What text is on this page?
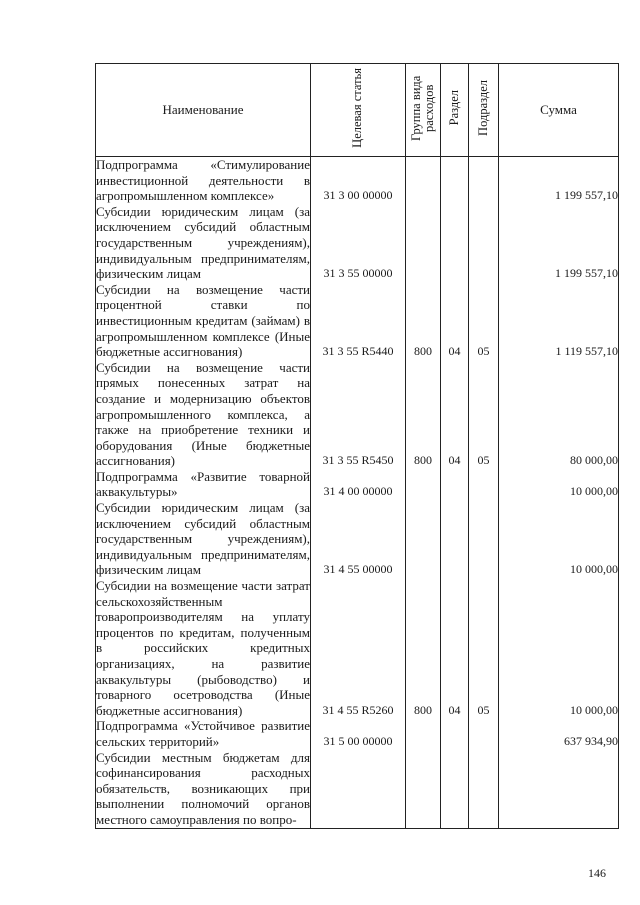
Наименование	Целевая статья	Группа вида расходов	Раздел	Подраздел	Сумма
Подпрограмма «Стимулирование инвестиционной деятельности в агропромышленном комплексе»	31 3 00 00000				1 199 557,10
Субсидии юридическим лицам (за исключением субсидий областным государственным учреждениям), индивидуальным предпринимателям, физическим лицам	31 3 55 00000				1 199 557,10
Субсидии на возмещение части процентной ставки по инвестиционным кредитам (займам) в агропромышленном комплексе (Иные бюджетные ассигнования)	31 3 55 R5440	800	04	05	1 119 557,10
Субсидии на возмещение части прямых понесенных затрат на создание и модернизацию объектов агропромышленного комплекса, а также на приобретение техники и оборудования (Иные бюджетные ассигнования)	31 3 55 R5450	800	04	05	80 000,00
Подпрограмма «Развитие товарной аквакультуры»	31 4 00 00000				10 000,00
Субсидии юридическим лицам (за исключением субсидий областным государственным учреждениям), индивидуальным предпринимателям, физическим лицам	31 4 55 00000				10 000,00
Субсидии на возмещение части затрат сельскохозяйственным товаропроизводителям на уплату процентов по кредитам, полученным в российских кредитных организациях, на развитие аквакультуры (рыбоводство) и товарного осетроводства (Иные бюджетные ассигнования)	31 4 55 R5260	800	04	05	10 000,00
Подпрограмма «Устойчивое развитие сельских территорий»	31 5 00 00000				637 934,90
Субсидии местным бюджетам для софинансирования расходных обязательств, возникающих при выполнении полномочий органов местного самоуправления по вопро-					
146
